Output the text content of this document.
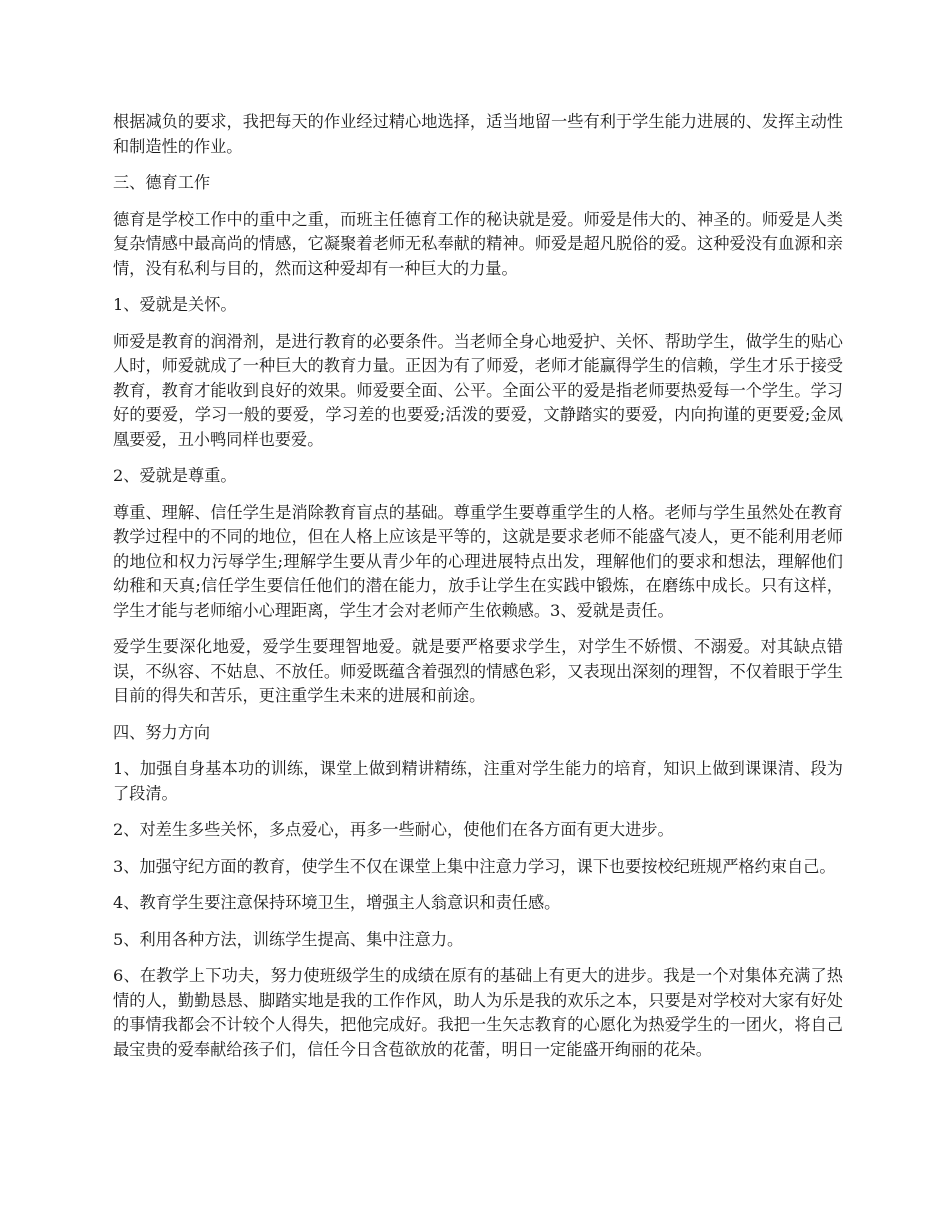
根据减负的要求，我把每天的作业经过精心地选择，适当地留一些有利于学生能力进展的、发挥主动性和制造性的作业。

三、德育工作

德育是学校工作中的重中之重，而班主任德育工作的秘诀就是爱。师爱是伟大的、神圣的。师爱是人类复杂情感中最高尚的情感，它凝聚着老师无私奉献的精神。师爱是超凡脱俗的爱。这种爱没有血源和亲情，没有私利与目的，然而这种爱却有一种巨大的力量。

1、爱就是关怀。

师爱是教育的润滑剂，是进行教育的必要条件。当老师全身心地爱护、关怀、帮助学生，做学生的贴心人时，师爱就成了一种巨大的教育力量。正因为有了师爱，老师才能赢得学生的信赖，学生才乐于接受教育，教育才能收到良好的效果。师爱要全面、公平。全面公平的爱是指老师要热爱每一个学生。学习好的要爱，学习一般的要爱，学习差的也要爱;活泼的要爱，文静踏实的要爱，内向拘谨的更要爱;金凤凰要爱，丑小鸭同样也要爱。

2、爱就是尊重。

尊重、理解、信任学生是消除教育盲点的基础。尊重学生要尊重学生的人格。老师与学生虽然处在教育教学过程中的不同的地位，但在人格上应该是平等的，这就是要求老师不能盛气凌人，更不能利用老师的地位和权力污辱学生;理解学生要从青少年的心理进展特点出发，理解他们的要求和想法，理解他们幼稚和天真;信任学生要信任他们的潜在能力，放手让学生在实践中锻炼，在磨练中成长。只有这样，学生才能与老师缩小心理距离，学生才会对老师产生依赖感。3、爱就是责任。

爱学生要深化地爱，爱学生要理智地爱。就是要严格要求学生，对学生不娇惯、不溺爱。对其缺点错误，不纵容、不姑息、不放任。师爱既蕴含着强烈的情感色彩，又表现出深刻的理智，不仅着眼于学生目前的得失和苦乐，更注重学生未来的进展和前途。

四、努力方向

1、加强自身基本功的训练，课堂上做到精讲精练，注重对学生能力的培育，知识上做到课课清、段为了段清。

2、对差生多些关怀，多点爱心，再多一些耐心，使他们在各方面有更大进步。

3、加强守纪方面的教育，使学生不仅在课堂上集中注意力学习，课下也要按校纪班规严格约束自己。

4、教育学生要注意保持环境卫生，增强主人翁意识和责任感。

5、利用各种方法，训练学生提高、集中注意力。

6、在教学上下功夫，努力使班级学生的成绩在原有的基础上有更大的进步。我是一个对集体充满了热情的人，勤勤恳恳、脚踏实地是我的工作作风，助人为乐是我的欢乐之本，只要是对学校对大家有好处的事情我都会不计较个人得失，把他完成好。我把一生矢志教育的心愿化为热爱学生的一团火，将自己最宝贵的爱奉献给孩子们，信任今日含苞欲放的花蕾，明日一定能盛开绚丽的花朵。
